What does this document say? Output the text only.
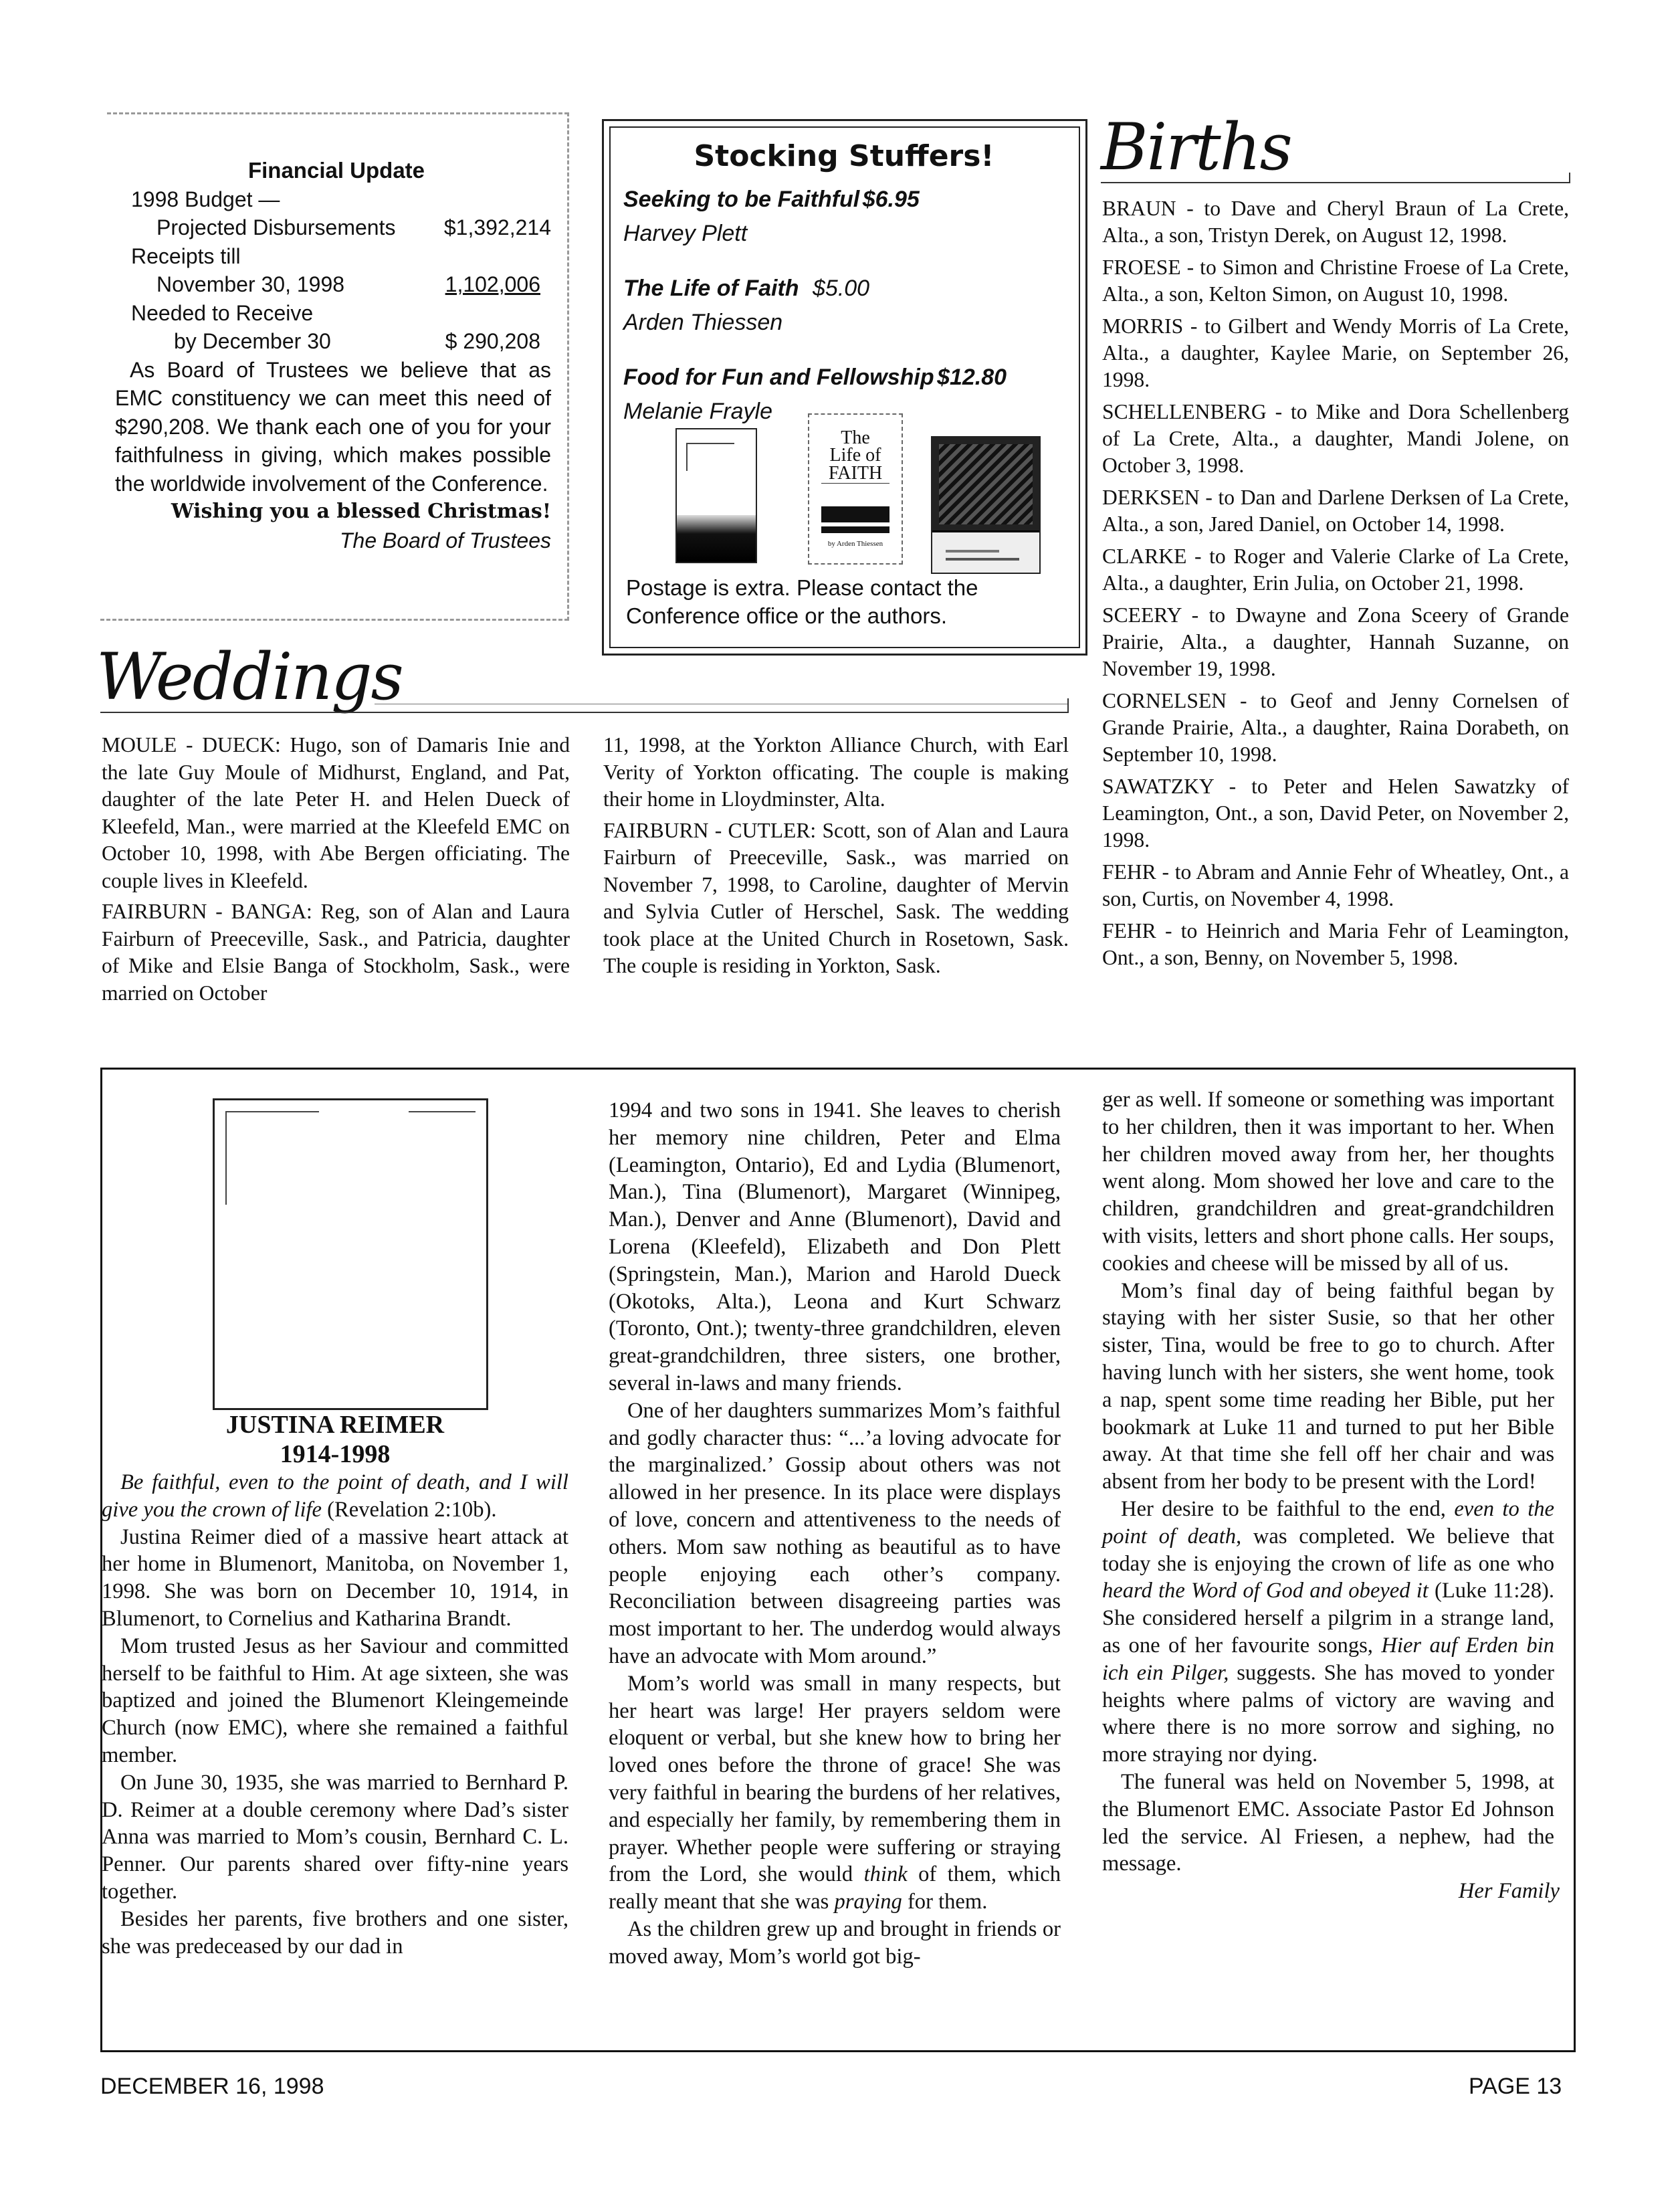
Financial Update
1998 Budget —
Projected Disbursements $1,392,214
Receipts till
November 30, 1998	1,102,006
Needed to Receive
by December 30	$ 290,208
As Board of Trustees we believe that as EMC constituency we can meet this need of $290,208. We thank each one of you for your faithfulness in giving, which makes possible the worldwide involvement of the Conference.
Wishing you a blessed Christmas!
The Board of Trustees
Stocking Stuffers!
Seeking to be Faithful $6.95
Harvey Plett
The Life of Faith $5.00
Arden Thiessen
Food for Fun and Fellowship $12.80
Melanie Frayle
The
Life of
FAITH
by Arden Thiessen
Postage is extra. Please contact the Conference office or the authors.
Births

BRAUN - to Dave and Cheryl Braun of La Crete, Alta., a son, Tristyn Derek, on August 12, 1998.

FROESE - to Simon and Christine Froese of La Crete, Alta., a son, Kelton Simon, on August 10, 1998.

MORRIS - to Gilbert and Wendy Morris of La Crete, Alta., a daughter, Kaylee Marie, on September 26, 1998.

SCHELLENBERG - to Mike and Dora Schellenberg of La Crete, Alta., a daughter, Mandi Jolene, on October 3, 1998.

DERKSEN - to Dan and Darlene Derksen of La Crete, Alta., a son, Jared Daniel, on October 14, 1998.

CLARKE - to Roger and Valerie Clarke of La Crete, Alta., a daughter, Erin Julia, on October 21, 1998.

SCEERY - to Dwayne and Zona Sceery of Grande Prairie, Alta., a daughter, Hannah Suzanne, on November 19, 1998.

CORNELSEN - to Geof and Jenny Cornelsen of Grande Prairie, Alta., a daughter, Raina Dorabeth, on September 10, 1998.

SAWATZKY - to Peter and Helen Sawatzky of Leamington, Ont., a son, David Peter, on November 2, 1998.

FEHR - to Abram and Annie Fehr of Wheatley, Ont., a son, Curtis, on November 4, 1998.

FEHR - to Heinrich and Maria Fehr of Leamington, Ont., a son, Benny, on November 5, 1998.

Weddings

MOULE - DUECK: Hugo, son of Damaris Inie and the late Guy Moule of Midhurst, England, and Pat, daughter of the late Peter H. and Helen Dueck of Kleefeld, Man., were married at the Kleefeld EMC on October 10, 1998, with Abe Bergen officiating. The couple lives in Kleefeld.

FAIRBURN - BANGA: Reg, son of Alan and Laura Fairburn of Preeceville, Sask., and Patricia, daughter of Mike and Elsie Banga of Stockholm, Sask., were married on October

11, 1998, at the Yorkton Alliance Church, with Earl Verity of Yorkton officating. The couple is making their home in Lloydminster, Alta.

FAIRBURN - CUTLER: Scott, son of Alan and Laura Fairburn of Preeceville, Sask., was married on November 7, 1998, to Caroline, daughter of Mervin and Sylvia Cutler of Herschel, Sask. The wedding took place at the United Church in Rosetown, Sask. The couple is residing in Yorkton, Sask.

JUSTINA REIMER
1914-1998

Be faithful, even to the point of death, and I will give you the crown of life (Revelation 2:10b).

Justina Reimer died of a massive heart attack at her home in Blumenort, Manitoba, on November 1, 1998. She was born on December 10, 1914, in Blumenort, to Cornelius and Katharina Brandt.

Mom trusted Jesus as her Saviour and committed herself to be faithful to Him. At age sixteen, she was baptized and joined the Blumenort Kleingemeinde Church (now EMC), where she remained a faithful member.

On June 30, 1935, she was married to Bernhard P. D. Reimer at a double ceremony where Dad’s sister Anna was married to Mom’s cousin, Bernhard C. L. Penner. Our parents shared over fifty-nine years together.

Besides her parents, five brothers and one sister, she was predeceased by our dad in

1994 and two sons in 1941. She leaves to cherish her memory nine children, Peter and Elma (Leamington, Ontario), Ed and Lydia (Blumenort, Man.), Tina (Blumenort), Margaret (Winnipeg, Man.), Denver and Anne (Blumenort), David and Lorena (Kleefeld), Elizabeth and Don Plett (Springstein, Man.), Marion and Harold Dueck (Okotoks, Alta.), Leona and Kurt Schwarz (Toronto, Ont.); twenty-three grandchildren, eleven great-grandchildren, three sisters, one brother, several in-laws and many friends.

One of her daughters summarizes Mom’s faithful and godly character thus: “...’a loving advocate for the marginalized.’ Gossip about others was not allowed in her presence. In its place were displays of love, concern and attentiveness to the needs of others. Mom saw nothing as beautiful as to have people enjoying each other’s company. Reconciliation between disagreeing parties was most important to her. The underdog would always have an advocate with Mom around.”

Mom’s world was small in many respects, but her heart was large! Her prayers seldom were eloquent or verbal, but she knew how to bring her loved ones before the throne of grace! She was very faithful in bearing the burdens of her relatives, and especially her family, by remembering them in prayer. Whether people were suffering or straying from the Lord, she would think of them, which really meant that she was praying for them.

As the children grew up and brought in friends or moved away, Mom’s world got big-

ger as well. If someone or something was important to her children, then it was important to her. When her children moved away from her, her thoughts went along. Mom showed her love and care to the children, grandchildren and great-grandchildren with visits, letters and short phone calls. Her soups, cookies and cheese will be missed by all of us.

Mom’s final day of being faithful began by staying with her sister Susie, so that her other sister, Tina, would be free to go to church. After having lunch with her sisters, she went home, took a nap, spent some time reading her Bible, put her bookmark at Luke 11 and turned to put her Bible away. At that time she fell off her chair and was absent from her body to be present with the Lord!

Her desire to be faithful to the end, even to the point of death, was completed. We believe that today she is enjoying the crown of life as one who heard the Word of God and obeyed it (Luke 11:28). She considered herself a pilgrim in a strange land, as one of her favourite songs, Hier auf Erden bin ich ein Pilger, suggests. She has moved to yonder heights where palms of victory are waving and where there is no more sorrow and sighing, no more straying nor dying.

The funeral was held on November 5, 1998, at the Blumenort EMC. Associate Pastor Ed Johnson led the service. Al Friesen, a nephew, had the message.

Her Family
DECEMBER 16, 1998	PAGE 13
